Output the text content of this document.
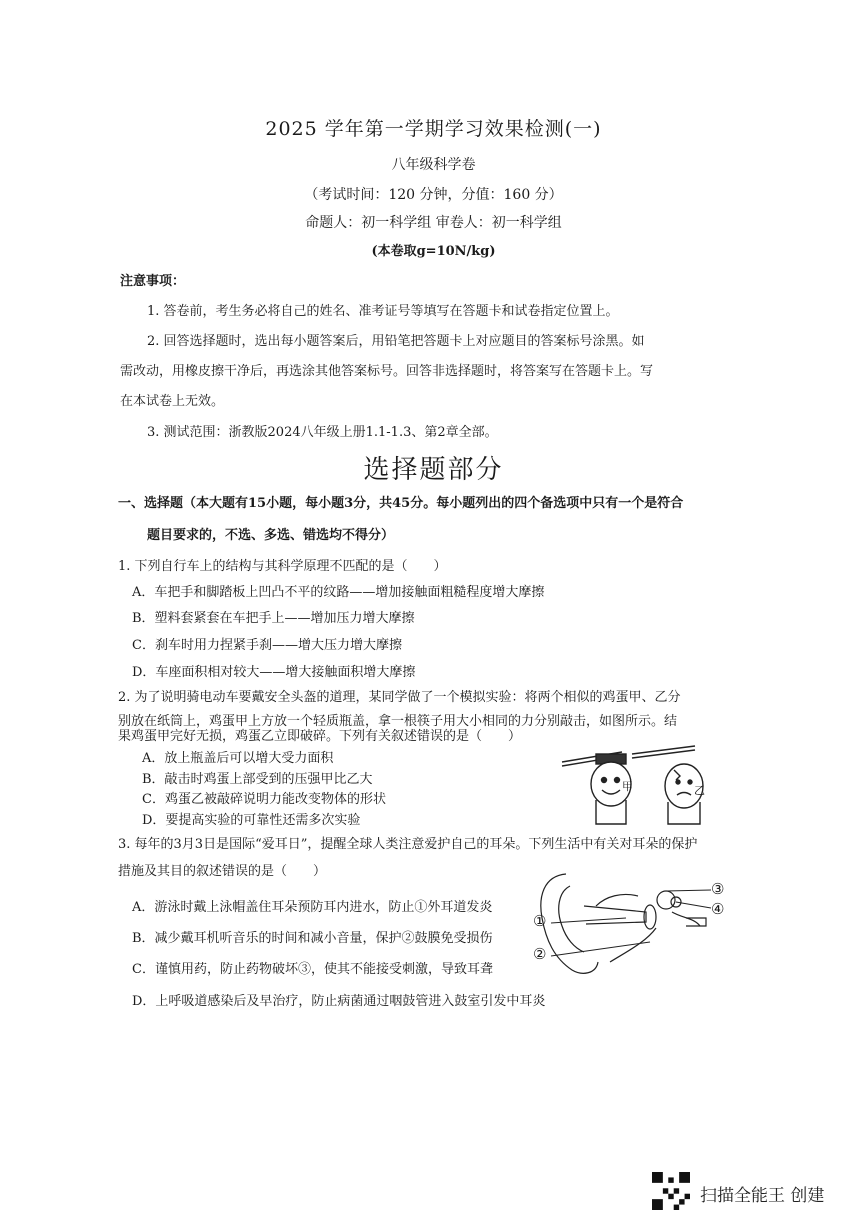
2025 学年第一学期学习效果检测(一)
八年级科学卷
（考试时间：120 分钟，分值：160 分）
命题人：初一科学组 审卷人：初一科学组
(本卷取g=10N/kg)
注意事项：
1. 答卷前，考生务必将自己的姓名、准考证号等填写在答题卡和试卷指定位置上。
2. 回答选择题时，选出每小题答案后，用铅笔把答题卡上对应题目的答案标号涂黑。如
需改动，用橡皮擦干净后，再选涂其他答案标号。回答非选择题时，将答案写在答题卡上。写
在本试卷上无效。
3. 测试范围：浙教版2024八年级上册1.1-1.3、第2章全部。
选择题部分
一、选择题（本大题有15小题，每小题3分，共45分。每小题列出的四个备选项中只有一个是符合
题目要求的，不选、多选、错选均不得分）
1. 下列自行车上的结构与其科学原理不匹配的是（　　）
A．车把手和脚踏板上凹凸不平的纹路——增加接触面粗糙程度增大摩擦
B．塑料套紧套在车把手上——增加压力增大摩擦
C．刹车时用力捏紧手刹——增大压力增大摩擦
D．车座面积相对较大——增大接触面积增大摩擦
2. 为了说明骑电动车要戴安全头盔的道理，某同学做了一个模拟实验：将两个相似的鸡蛋甲、乙分
别放在纸筒上，鸡蛋甲上方放一个轻质瓶盖，拿一根筷子用大小相同的力分别敲击，如图所示。结
果鸡蛋甲完好无损，鸡蛋乙立即破碎。下列有关叙述错误的是（　　）
A．放上瓶盖后可以增大受力面积
B．敲击时鸡蛋上部受到的压强甲比乙大
C．鸡蛋乙被敲碎说明力能改变物体的形状
D．要提高实验的可靠性还需多次实验
甲	乙
3. 每年的3月3日是国际“爱耳日”，提醒全球人类注意爱护自己的耳朵。下列生活中有关对耳朵的保护
措施及其目的叙述错误的是（　　）
A．游泳时戴上泳帽盖住耳朵预防耳内进水，防止①外耳道发炎
B．减少戴耳机听音乐的时间和减小音量，保护②鼓膜免受损伤
C．谨慎用药，防止药物破坏③，使其不能接受刺激，导致耳聋
D．上呼吸道感染后及早治疗，防止病菌通过咽鼓管进入鼓室引发中耳炎
①
②
③
④
扫描全能王 创建
